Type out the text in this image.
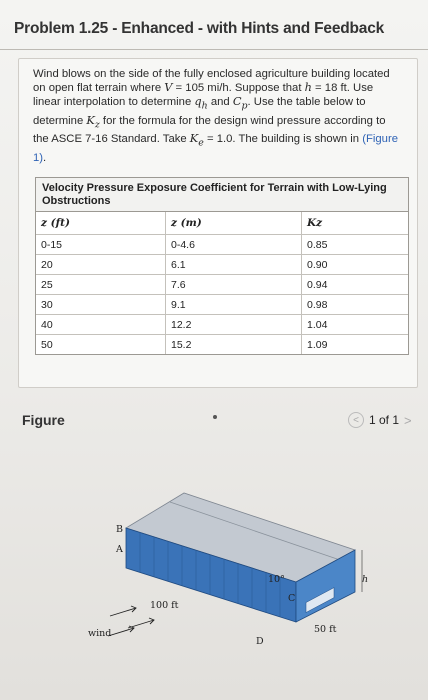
Problem 1.25 - Enhanced - with Hints and Feedback
Wind blows on the side of the fully enclosed agriculture building located on open flat terrain where V = 105 mi/h. Suppose that h = 18 ft. Use linear interpolation to determine $q_h$ and $C_p$. Use the table below to determine $K_z$ for the formula for the design wind pressure according to the ASCE 7-16 Standard. Take $K_e = 1.0$. The building is shown in (Figure 1).
Velocity Pressure Exposure Coefficient for Terrain with Low-Lying Obstructions
z (ft)	z (m)	Kz
0-15	0-4.6	0.85
20	6.1	0.90
25	7.6	0.94
30	9.1	0.98
40	12.2	1.04
50	15.2	1.09
Figure	< 1 of 1 >
B
A
C
D
10°	h
100 ft
50 ft
wind
